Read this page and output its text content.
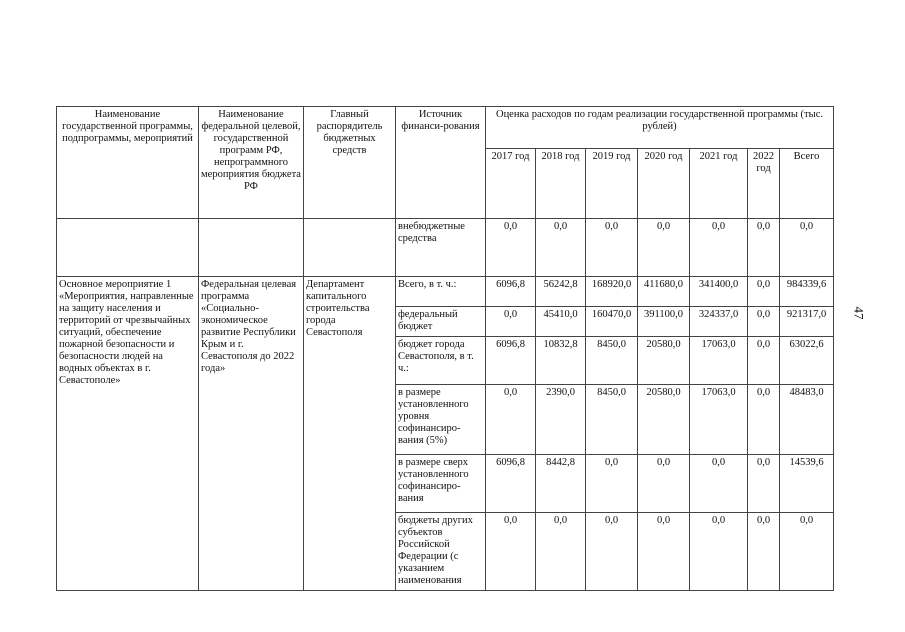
47
Наименование государственной программы, подпрограммы, мероприятий	Наименование федеральной целевой, государственной программ РФ, непрограммного мероприятия бюджета РФ	Главный распорядитель бюджетных средств	Источник финанси-рования	Оценка расходов по годам реализации государственной программы (тыс. рублей)						
				2017 год	2018 год	2019 год	2020 год	2021 год	2022 год	Всего
			внебюджетные средства	0,0	0,0	0,0	0,0	0,0	0,0	0,0
Основное мероприятие 1 «Мероприятия, направленные на защиту населения и территорий от чрезвычайных ситуаций, обеспечение пожарной безопасности и безопасности людей на водных объектах в г. Севастополе»	Федеральная целевая программа «Социально-экономическое развитие Республики Крым и г. Севастополя до 2022 года»	Департамент капитального строительства города Севастополя	Всего, в т. ч.:	6096,8	56242,8	168920,0	411680,0	341400,0	0,0	984339,6
			федеральный бюджет	0,0	45410,0	160470,0	391100,0	324337,0	0,0	921317,0
			бюджет города Севастополя, в т. ч.:	6096,8	10832,8	8450,0	20580,0	17063,0	0,0	63022,6
			в размере установленного уровня софинансиро-вания (5%)	0,0	2390,0	8450,0	20580,0	17063,0	0,0	48483,0
			в размере сверх установленного софинансиро-вания	6096,8	8442,8	0,0	0,0	0,0	0,0	14539,6
			бюджеты других субъектов Российской Федерации (с указанием наименования	0,0	0,0	0,0	0,0	0,0	0,0	0,0
